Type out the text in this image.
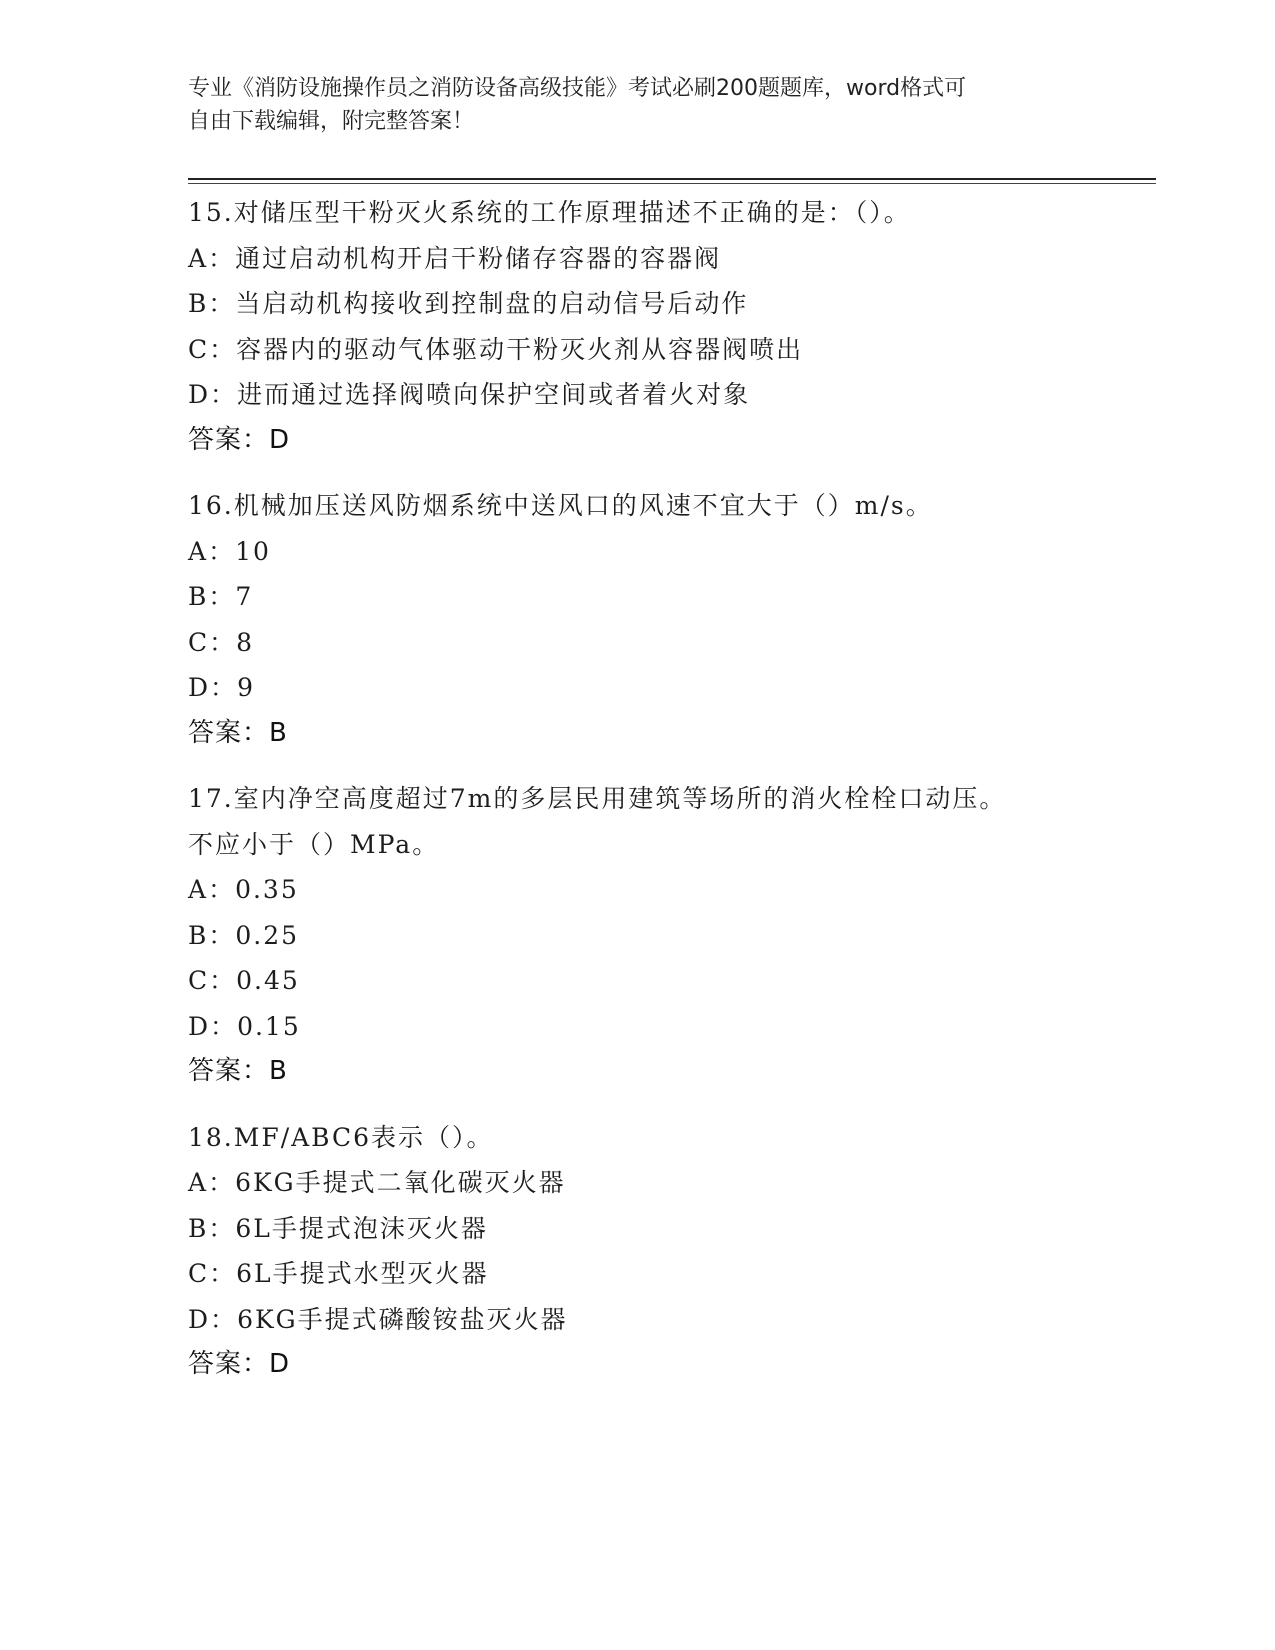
专业《消防设施操作员之消防设备高级技能》考试必刷200题题库，word格式可

自由下载编辑，附完整答案！

15.对储压型干粉灭火系统的工作原理描述不正确的是：（）。
A：通过启动机构开启干粉储存容器的容器阀
B：当启动机构接收到控制盘的启动信号后动作
C：容器内的驱动气体驱动干粉灭火剂从容器阀喷出
D：进而通过选择阀喷向保护空间或者着火对象
答案：D
16.机械加压送风防烟系统中送风口的风速不宜大于（）m/s。
A：10
B：7
C：8
D：9
答案：B
17.室内净空高度超过7m的多层民用建筑等场所的消火栓栓口动压。
不应小于（）MPa。
A：0.35
B：0.25
C：0.45
D：0.15
答案：B
18.MF/ABC6表示（）。
A：6KG手提式二氧化碳灭火器
B：6L手提式泡沫灭火器
C：6L手提式水型灭火器
D：6KG手提式磷酸铵盐灭火器
答案：D
